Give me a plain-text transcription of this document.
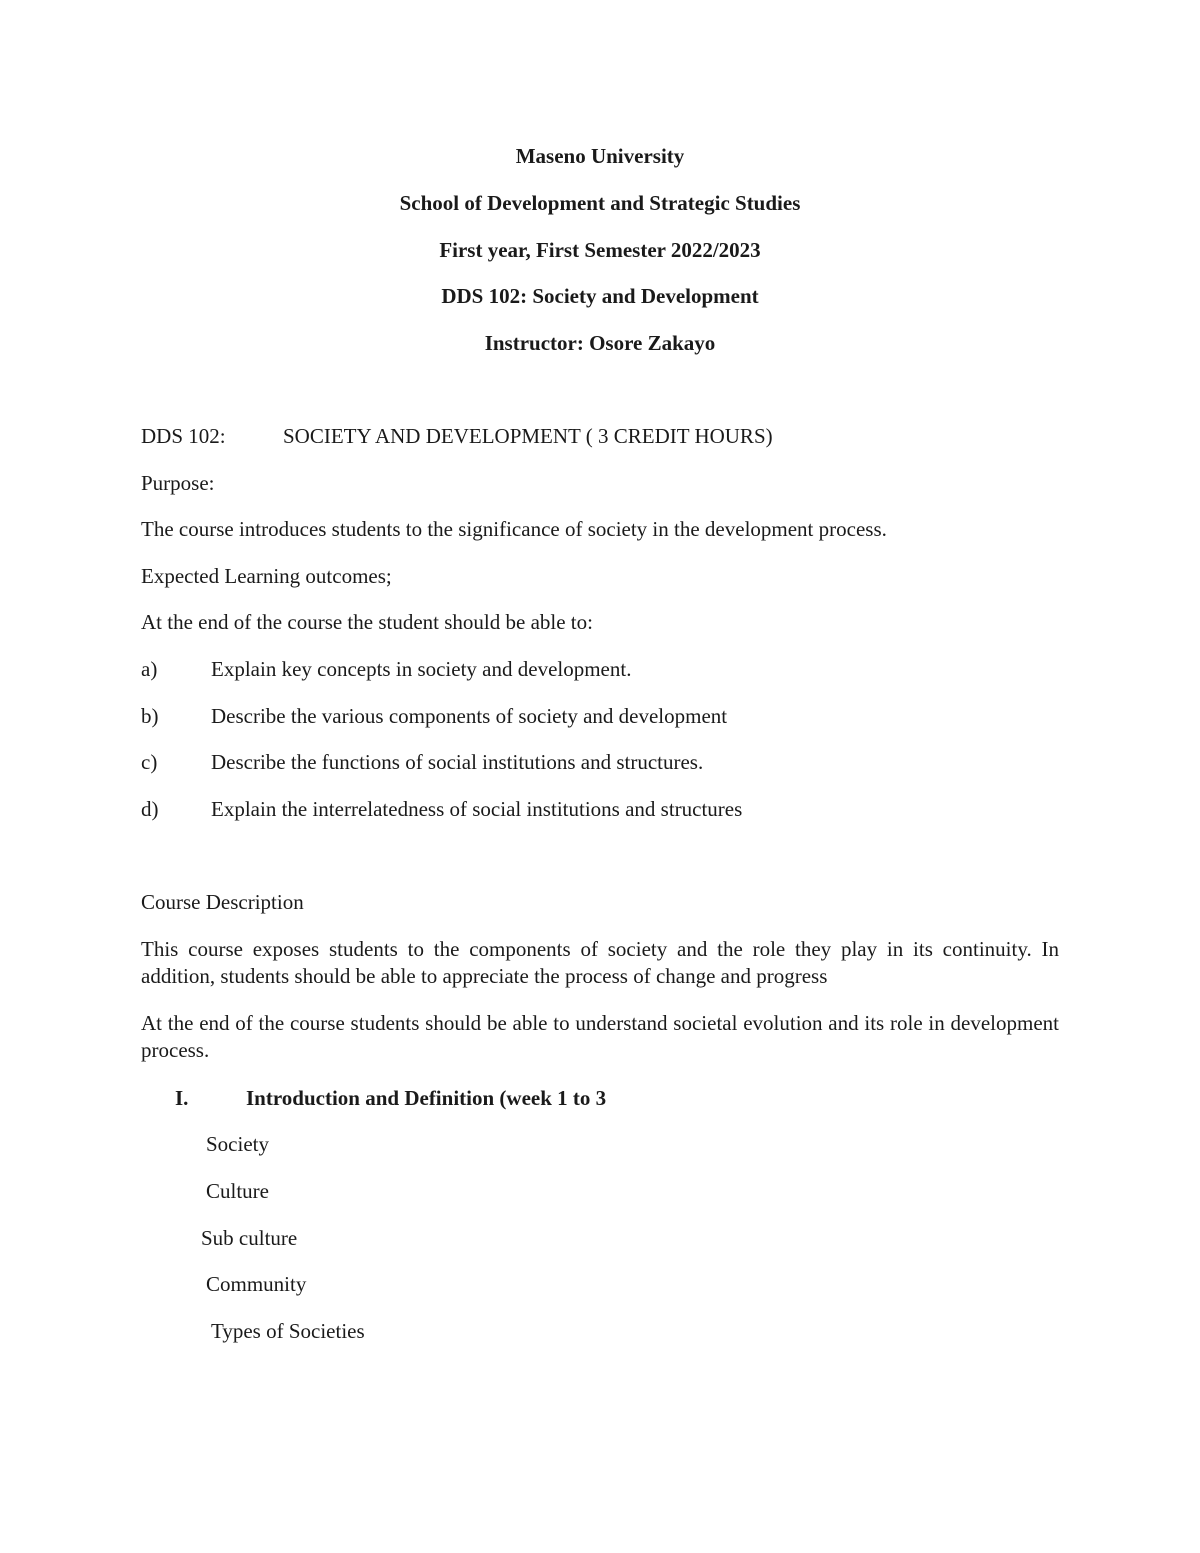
Maseno University
School of Development and Strategic Studies
First year, First Semester 2022/2023
DDS 102: Society and Development
Instructor: Osore Zakayo
DDS 102:	SOCIETY AND DEVELOPMENT ( 3 CREDIT HOURS)
Purpose:
The course introduces students to the significance of society in the development process.
Expected Learning outcomes;
At the end of the course the student should be able to:
a)	Explain key concepts in society and development.
b)	Describe the various components of society and development
c)	Describe the functions of social institutions and structures.
d)	Explain the interrelatedness of social institutions and structures
Course Description
This course exposes students to the components of society and the role they play in its continuity. In addition, students should be able to appreciate the process of change and progress
At the end of the course students should be able to understand societal evolution and its role in development process.
I.	Introduction and Definition (week 1 to 3
Society
Culture
Sub culture
Community
Types of Societies
